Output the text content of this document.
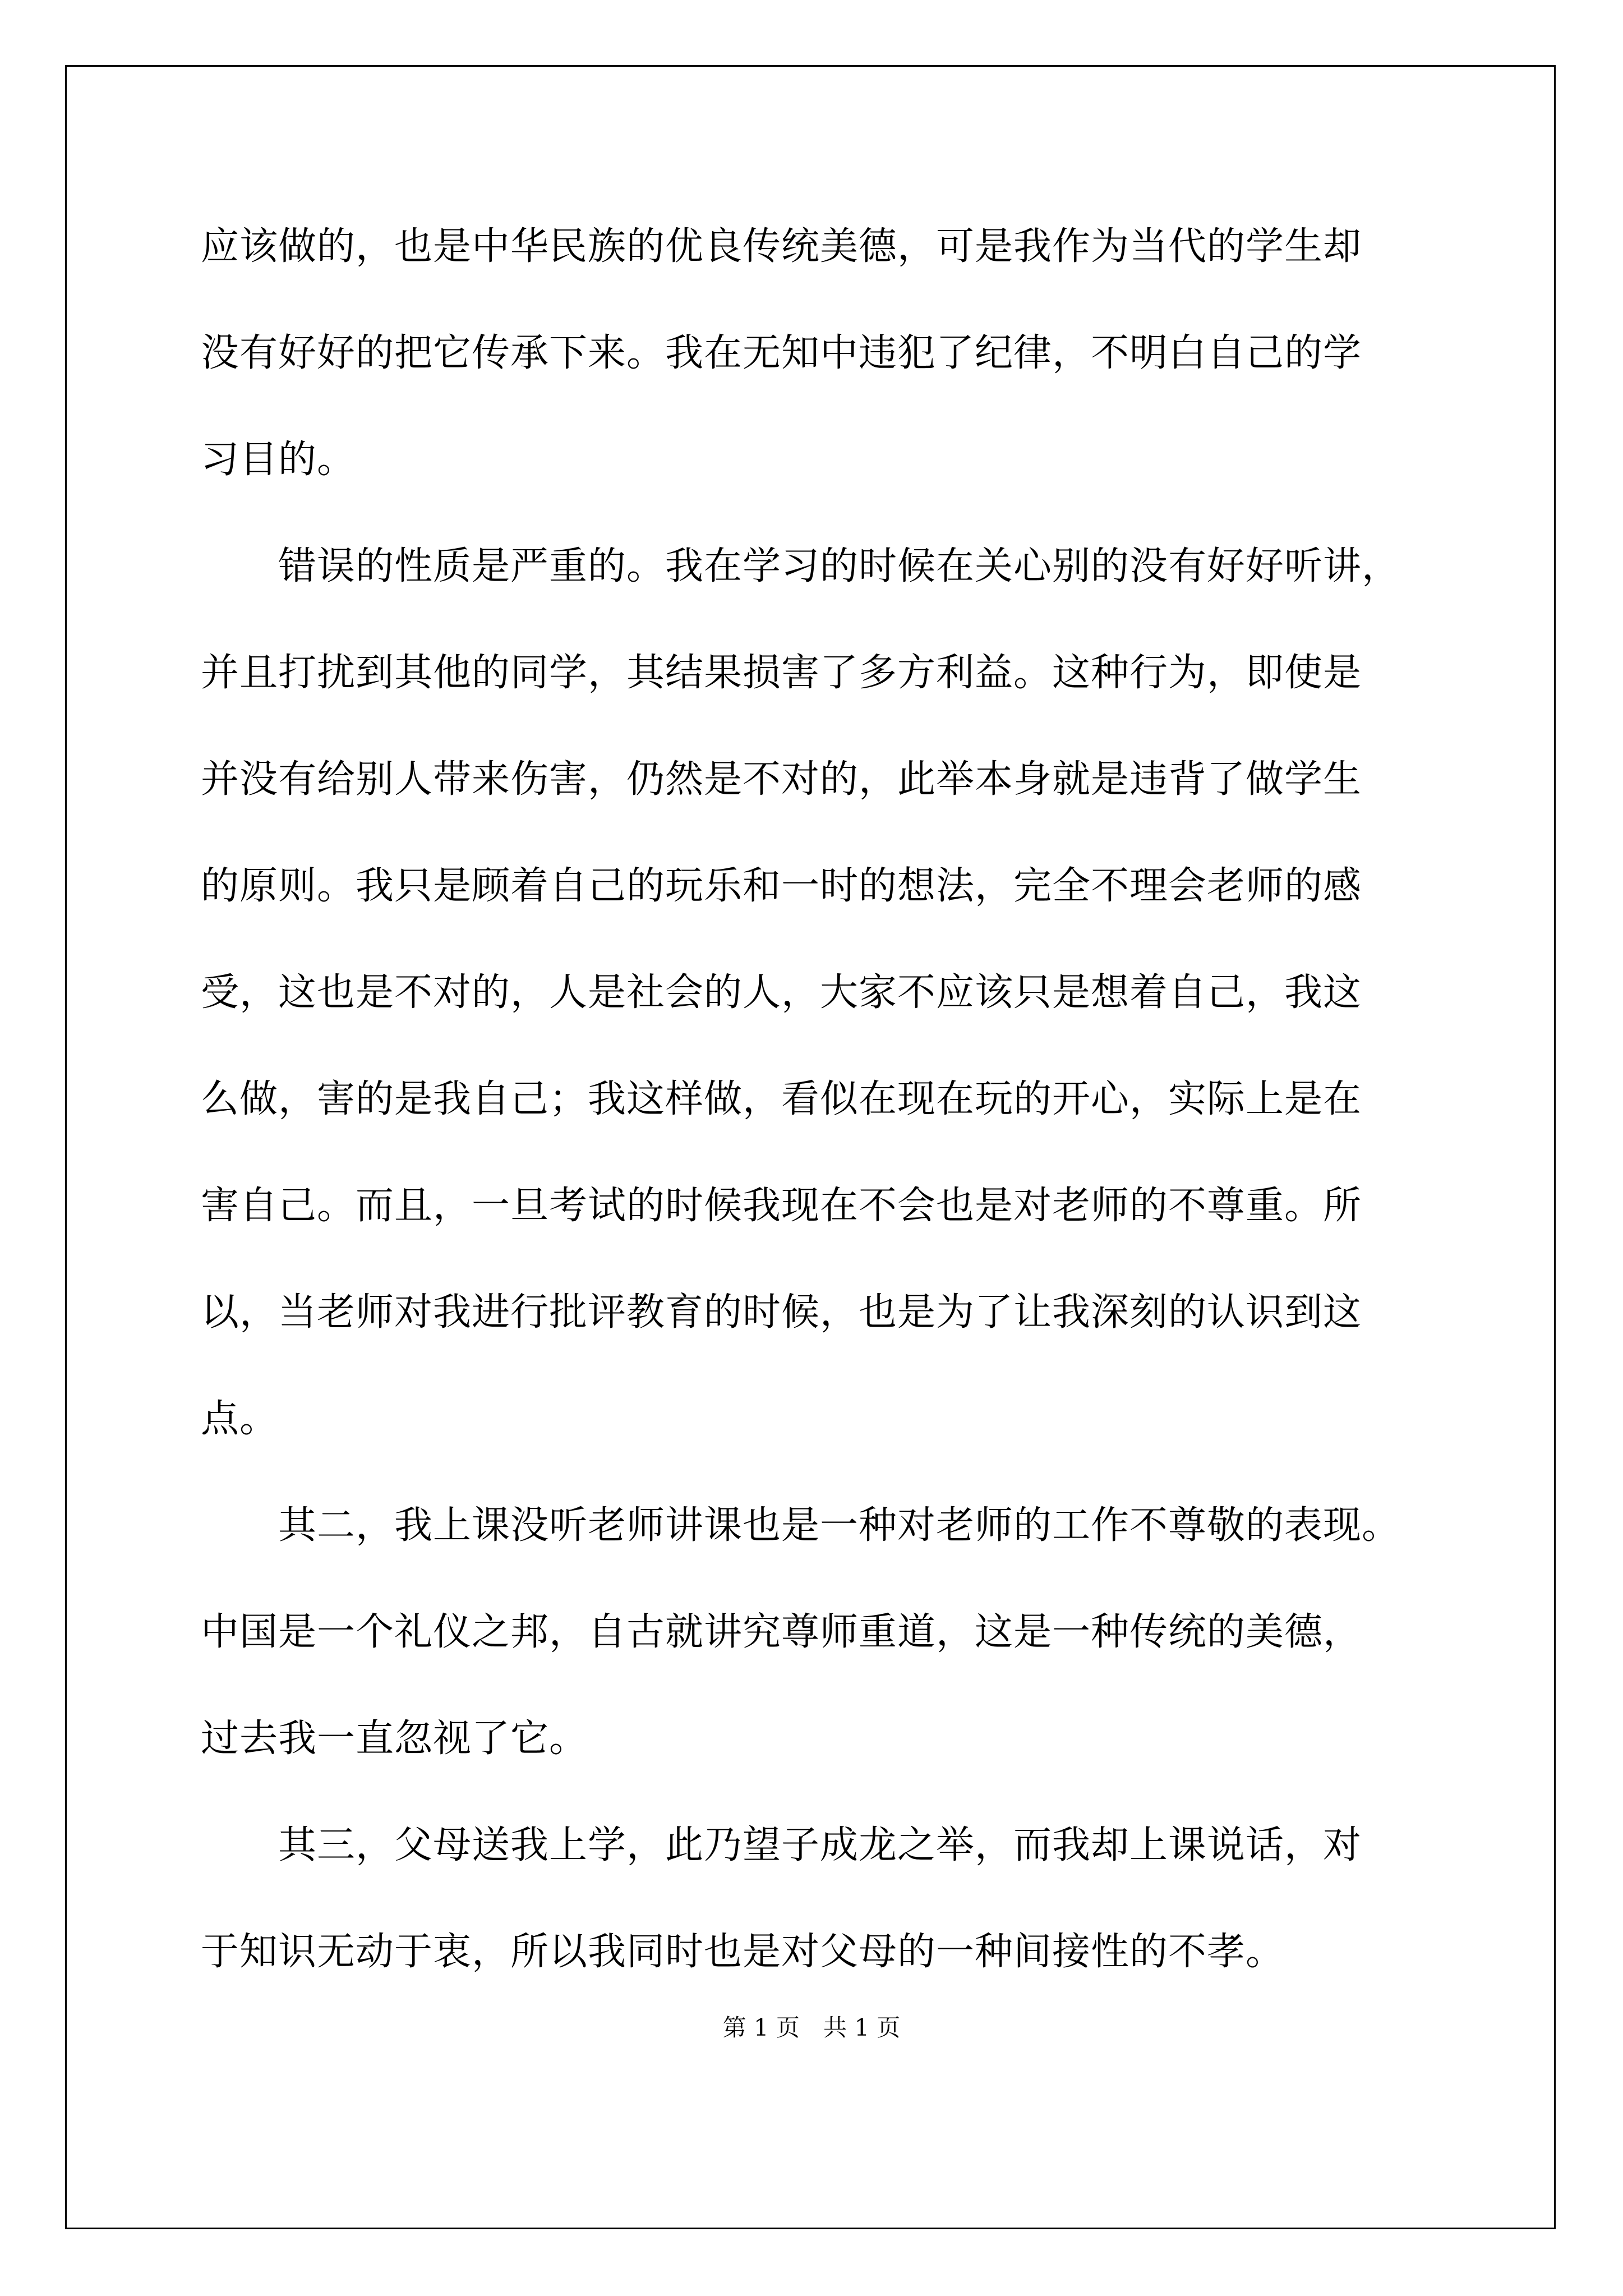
应该做的，也是中华民族的优良传统美德，可是我作为当代的学生却
没有好好的把它传承下来。我在无知中违犯了纪律，不明白自己的学
习目的。
　　错误的性质是严重的。我在学习的时候在关心别的没有好好听讲，
并且打扰到其他的同学，其结果损害了多方利益。这种行为，即使是
并没有给别人带来伤害，仍然是不对的，此举本身就是违背了做学生
的原则。我只是顾着自己的玩乐和一时的想法，完全不理会老师的感
受，这也是不对的，人是社会的人，大家不应该只是想着自己，我这
么做，害的是我自己；我这样做，看似在现在玩的开心，实际上是在
害自己。而且，一旦考试的时候我现在不会也是对老师的不尊重。所
以，当老师对我进行批评教育的时候，也是为了让我深刻的认识到这
点。
　　其二，我上课没听老师讲课也是一种对老师的工作不尊敬的表现。
中国是一个礼仪之邦，自古就讲究尊师重道，这是一种传统的美德，
过去我一直忽视了它。
　　其三，父母送我上学，此乃望子成龙之举，而我却上课说话，对
于知识无动于衷，所以我同时也是对父母的一种间接性的不孝。
第 1 页　共 1 页
